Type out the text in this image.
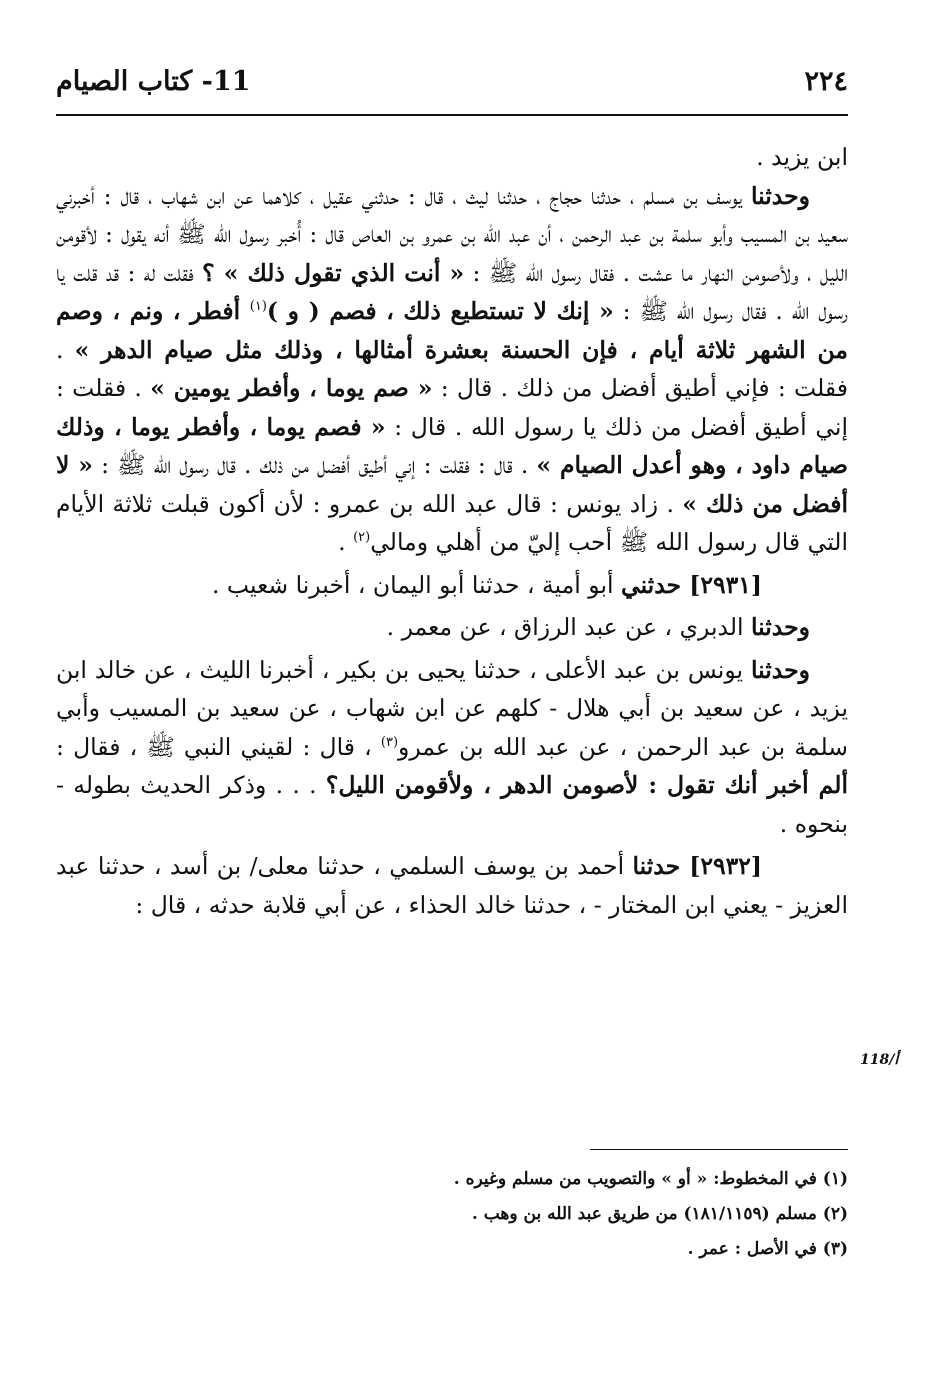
٢٢٤
11- كتاب الصيام
118/أ

ابن يزيد .

وحدثنا يوسف بن مسلم ، حدثنا حجاج ، حدثنا ليث ، قال : حدثني عقيل ، كلاهما عن ابن شهاب ، قال : أخبرني سعيد بن المسيب وأبو سلمة بن عبد الرحمن ، أن عبد الله بن عمرو بن العاص قال : أُخبر رسول الله ﷺ أنه يقول : لأقومن الليل ، ولأصومن النهار ما عشت . فقال رسول الله ﷺ : « أنت الذي تقول ذلك » ؟ فقلت له : قد قلت يا رسول الله . فقال رسول الله ﷺ : « إنك لا تستطيع ذلك ، فصم ( و )$^{(١)}$ أفطر ، ونم ، وصم من الشهر ثلاثة أيام ، فإن الحسنة بعشرة أمثالها ، وذلك مثل صيام الدهر » . فقلت : فإني أطيق أفضل من ذلك . قال : « صم يوما ، وأفطر يومين » . فقلت : إني أطيق أفضل من ذلك يا رسول الله . قال : « فصم يوما ، وأفطر يوما ، وذلك صيام داود ، وهو أعدل الصيام » . قال : فقلت : إني أطيق أفضل من ذلك . قال رسول الله ﷺ : « لا أفضل من ذلك » . زاد يونس : قال عبد الله بن عمرو : لأن أكون قبلت ثلاثة الأيام التي قال رسول الله ﷺ أحب إليّ من أهلي ومالي$^{(٢)}$ .

[٢٩٣١] حدثني أبو أمية ، حدثنا أبو اليمان ، أخبرنا شعيب .

وحدثنا الدبري ، عن عبد الرزاق ، عن معمر .

وحدثنا يونس بن عبد الأعلى ، حدثنا يحيى بن بكير ، أخبرنا الليث ، عن خالد ابن يزيد ، عن سعيد بن أبي هلال - كلهم عن ابن شهاب ، عن سعيد بن المسيب وأبي سلمة بن عبد الرحمن ، عن عبد الله بن عمرو$^{(٣)}$ ، قال : لقيني النبي ﷺ ، فقال : ألم أخبر أنك تقول : لأصومن الدهر ، ولأقومن الليل؟ . . . وذكر الحديث بطوله - بنحوه .

[٢٩٣٢] حدثنا أحمد بن يوسف السلمي ، حدثنا معلى/ بن أسد ، حدثنا عبد العزيز - يعني ابن المختار - ، حدثنا خالد الحذاء ، عن أبي قلابة حدثه ، قال :

(١) في المخطوط: « أو » والتصويب من مسلم وغيره .

(٢) مسلم (١٨١/١١٥٩) من طريق عبد الله بن وهب .

(٣) في الأصل : عمر .
